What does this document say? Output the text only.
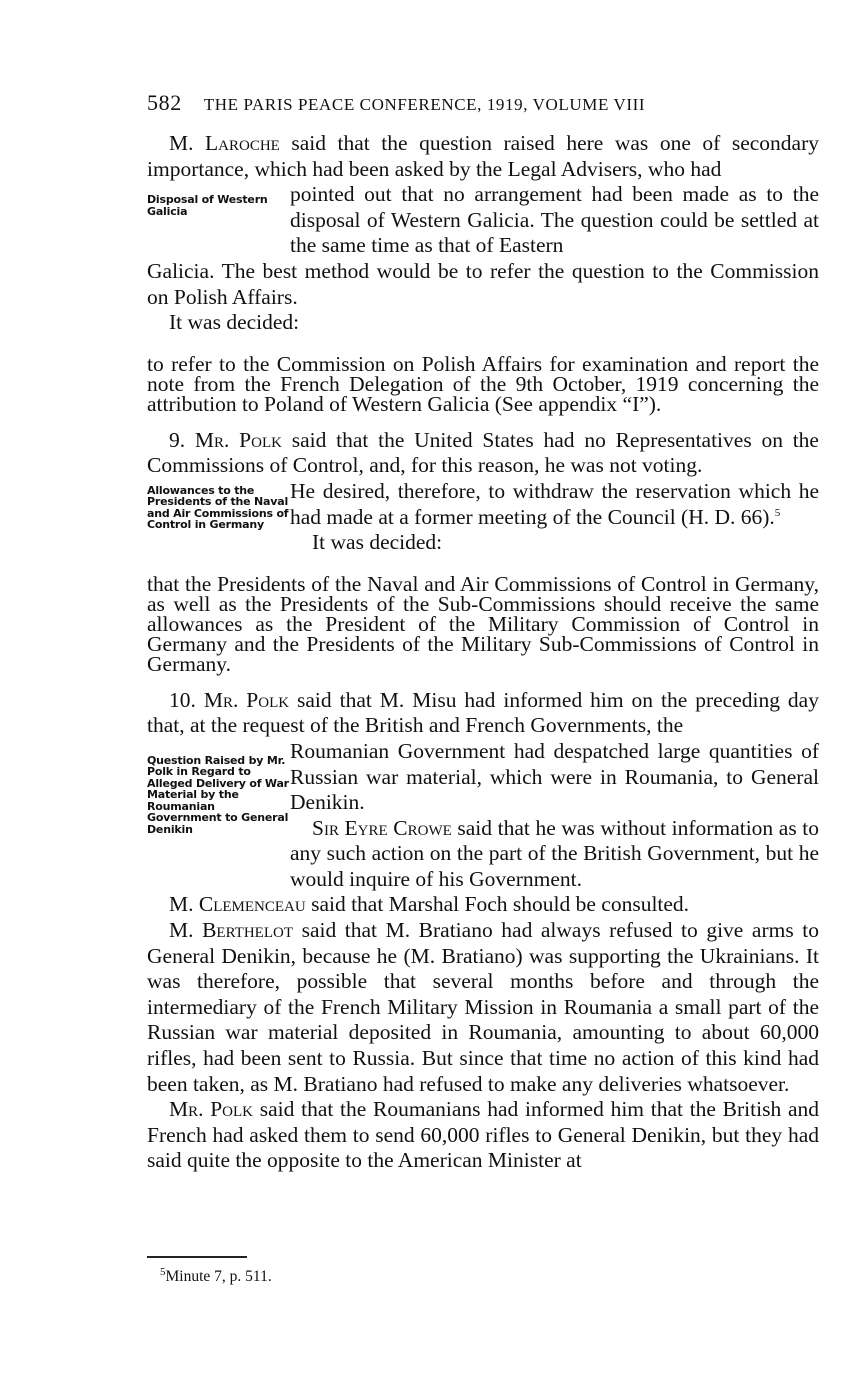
582 THE PARIS PEACE CONFERENCE, 1919, VOLUME VIII

M. Laroche said that the question raised here was one of secondary importance, which had been asked by the Legal Advisers, who had

Disposal of Western Galicia
pointed out that no arrangement had been made as to the disposal of Western Galicia. The question could be settled at the same time as that of Eastern

Galicia. The best method would be to refer the question to the Commission on Polish Affairs.

It was decided:

to refer to the Commission on Polish Affairs for examination and report the note from the French Delegation of the 9th October, 1919 concerning the attribution to Poland of Western Galicia (See appendix “I”).

9. Mr. Polk said that the United States had no Representatives on the Commissions of Control, and, for this reason, he was not voting.

Allowances to the Presidents of the Naval and Air Commissions of Control in Germany
He desired, therefore, to withdraw the reservation which he had made at a former meeting of the Council (H. D. 66).$^5$
It was decided:

that the Presidents of the Naval and Air Commissions of Control in Germany, as well as the Presidents of the Sub-Commissions should receive the same allowances as the President of the Military Commission of Control in Germany and the Presidents of the Military Sub-Commissions of Control in Germany.

10. Mr. Polk said that M. Misu had informed him on the preceding day that, at the request of the British and French Governments, the

Question Raised by Mr. Polk in Regard to Alleged Delivery of War Material by the Roumanian Government to General Denikin

Roumanian Government had despatched large quantities of Russian war material, which were in Roumania, to General Denikin.

Sir Eyre Crowe said that he was without information as to any such action on the part of the British Government, but he would inquire of his Government.

M. Clemenceau said that Marshal Foch should be consulted.

M. Berthelot said that M. Bratiano had always refused to give arms to General Denikin, because he (M. Bratiano) was supporting the Ukrainians. It was therefore, possible that several months before and through the intermediary of the French Military Mission in Roumania a small part of the Russian war material deposited in Roumania, amounting to about 60,000 rifles, had been sent to Russia. But since that time no action of this kind had been taken, as M. Bratiano had refused to make any deliveries whatsoever.

Mr. Polk said that the Roumanians had informed him that the British and French had asked them to send 60,000 rifles to General Denikin, but they had said quite the opposite to the American Minister at

$^5$Minute 7, p. 511.
